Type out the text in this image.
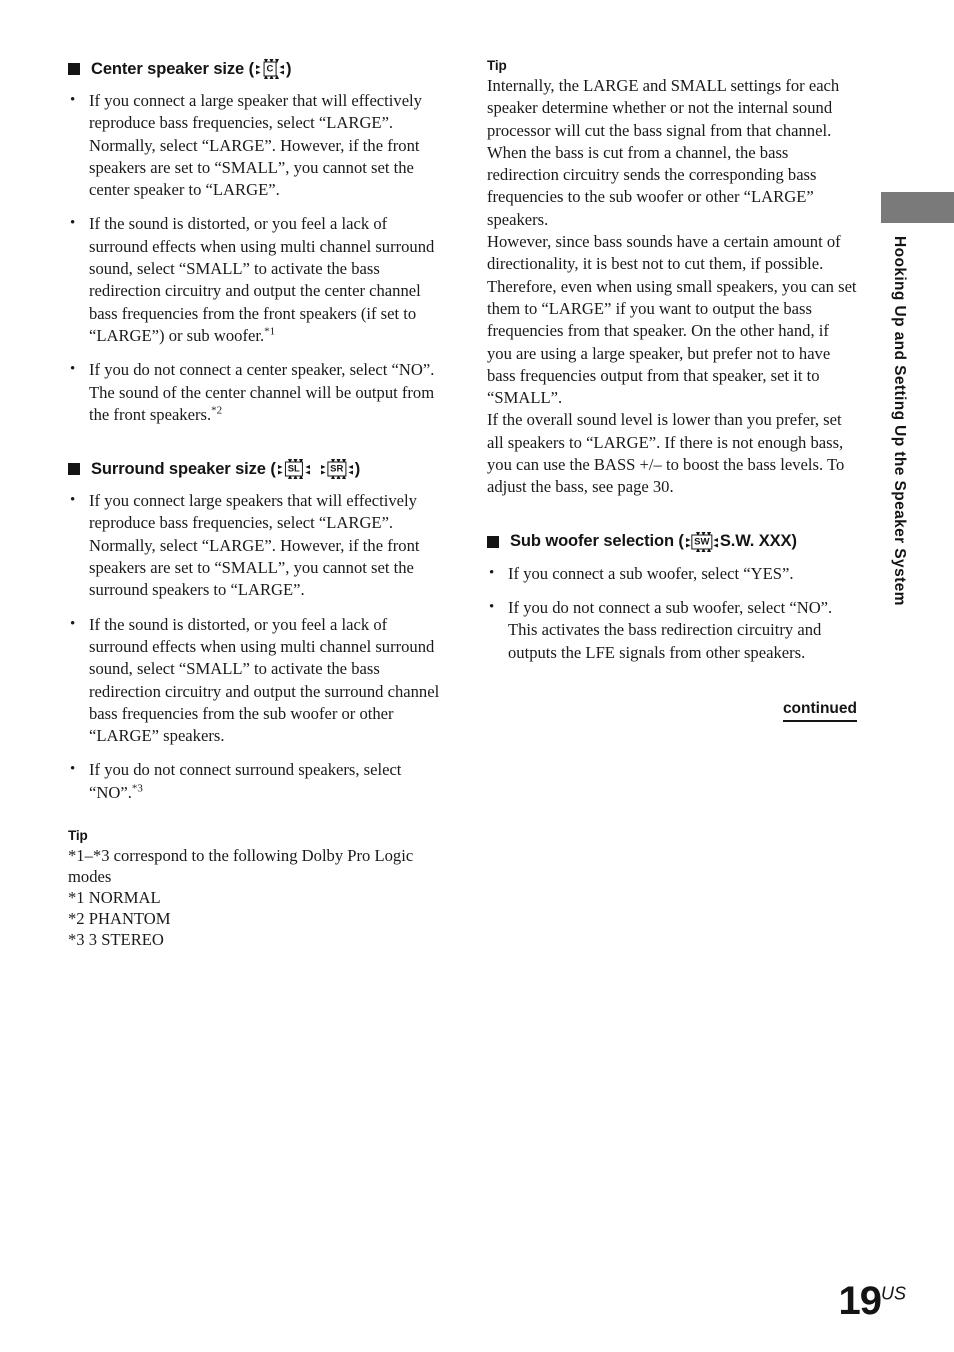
Center speaker size (	C )
• If you connect a large speaker that will effectively reproduce bass frequencies, select “LARGE”. Normally, select “LARGE”. However, if the front speakers are set to “SMALL”, you cannot set the center speaker to “LARGE”.
• If the sound is distorted, or you feel a lack of surround effects when using multi channel surround sound, select “SMALL” to activate the bass redirection circuitry and output the center channel bass frequencies from the front speakers (if set to “LARGE”) or sub woofer.$^{*1}$
• If you do not connect a center speaker, select “NO”. The sound of the center channel will be output from the front speakers.$^{*2}$
Surround speaker size (	SL	SR )
• If you connect large speakers that will effectively reproduce bass frequencies, select “LARGE”. Normally, select “LARGE”. However, if the front speakers are set to “SMALL”, you cannot set the surround speakers to “LARGE”.
• If the sound is distorted, or you feel a lack of surround effects when using multi channel surround sound, select “SMALL” to activate the bass redirection circuitry and output the surround channel bass frequencies from the sub woofer or other “LARGE” speakers.
• If you do not connect surround speakers, select “NO”.$^{*3}$
Tip
*1–*3 correspond to the following Dolby Pro Logic modes
*1 NORMAL
*2 PHANTOM
*3 3 STEREO
Tip
Internally, the LARGE and SMALL settings for each speaker determine whether or not the internal sound processor will cut the bass signal from that channel. When the bass is cut from a channel, the bass redirection circuitry sends the corresponding bass frequencies to the sub woofer or other “LARGE” speakers.
However, since bass sounds have a certain amount of directionality, it is best not to cut them, if possible. Therefore, even when using small speakers, you can set them to “LARGE” if you want to output the bass frequencies from that speaker. On the other hand, if you are using a large speaker, but prefer not to have bass frequencies output from that speaker, set it to “SMALL”.
If the overall sound level is lower than you prefer, set all speakers to “LARGE”. If there is not enough bass, you can use the BASS +/– to boost the bass levels. To adjust the bass, see page 30.
Sub woofer selection (	SW S.W. XXX)
• If you connect a sub woofer, select “YES”.
• If you do not connect a sub woofer, select “NO”. This activates the bass redirection circuitry and outputs the LFE signals from other speakers.
continued
Hooking Up and Setting Up the Speaker System
$19^{US}$
